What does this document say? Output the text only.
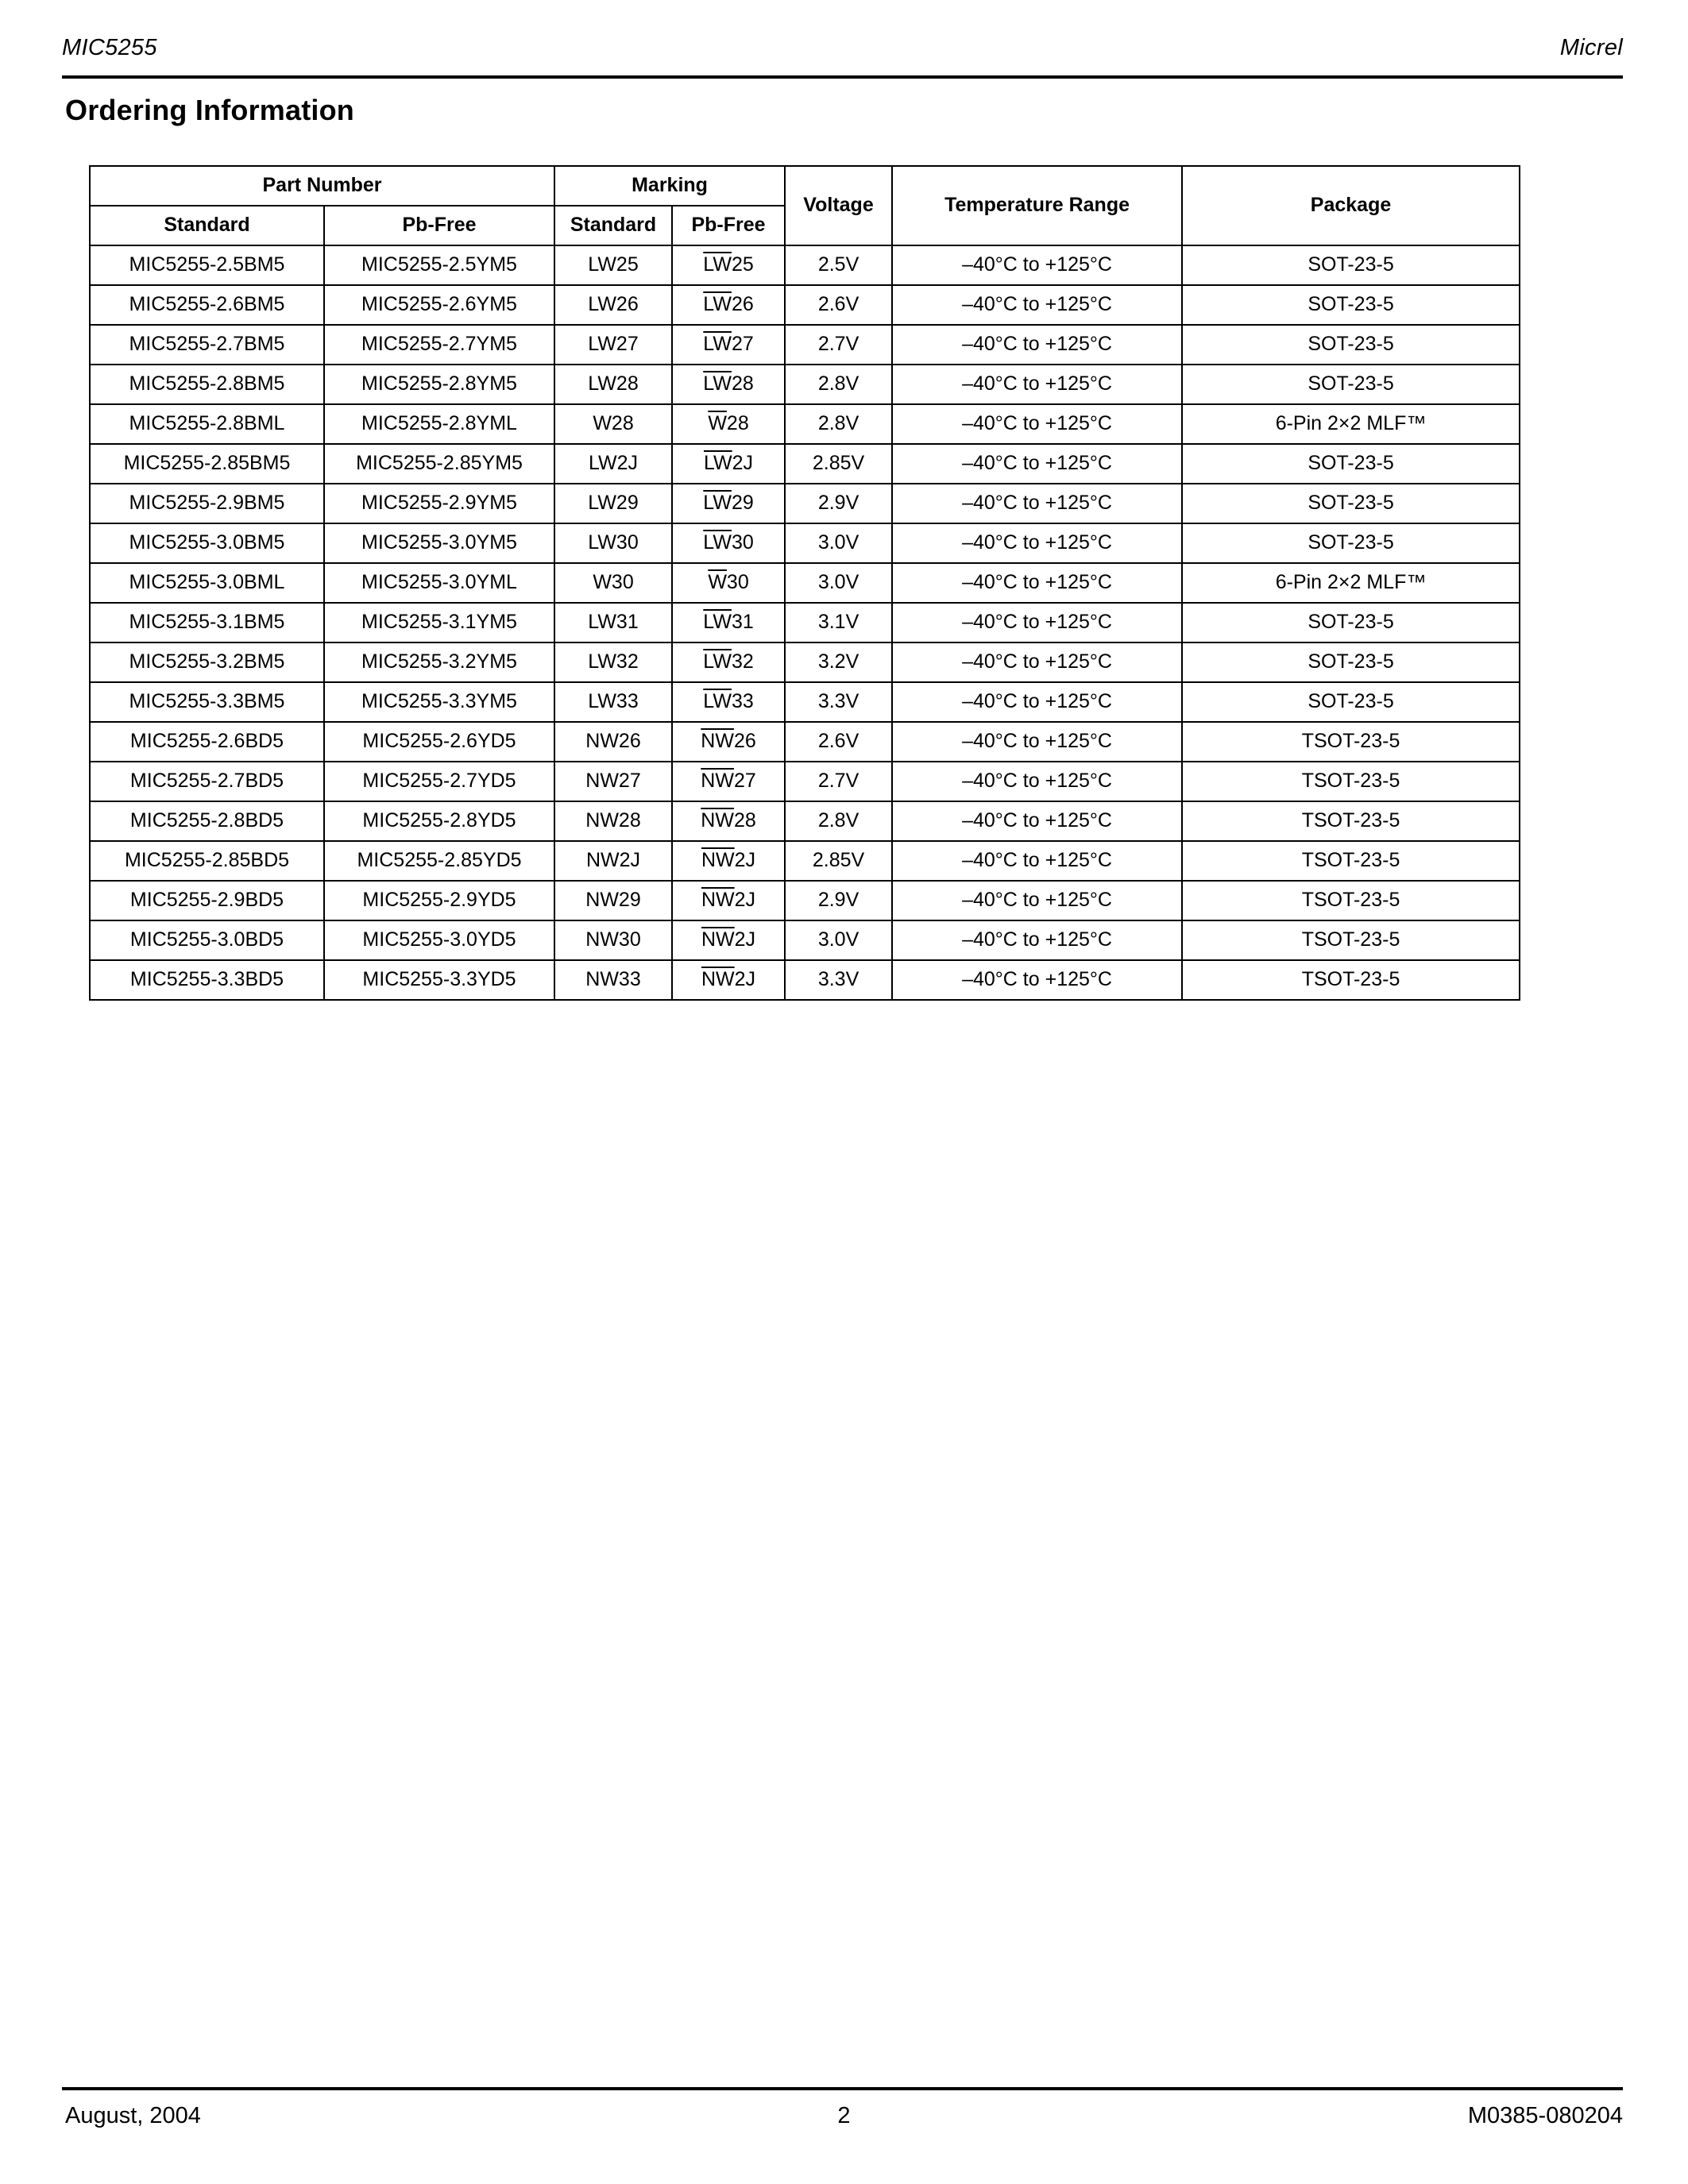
MIC5255	Micrel
Ordering Information
Part Number		Marking		Voltage	Temperature Range	Package
Standard	Pb-Free	Standard	Pb-Free			
MIC5255-2.5BM5	MIC5255-2.5YM5	LW25	$\overline{LW}25$	2.5V	–40°C to +125°C	SOT-23-5
MIC5255-2.6BM5	MIC5255-2.6YM5	LW26	$\overline{LW}26$	2.6V	–40°C to +125°C	SOT-23-5
MIC5255-2.7BM5	MIC5255-2.7YM5	LW27	$\overline{LW}27$	2.7V	–40°C to +125°C	SOT-23-5
MIC5255-2.8BM5	MIC5255-2.8YM5	LW28	$\overline{LW}28$	2.8V	–40°C to +125°C	SOT-23-5
MIC5255-2.8BML	MIC5255-2.8YML	W28	$\overline{W}28$	2.8V	–40°C to +125°C	6-Pin 2×2 MLF™
MIC5255-2.85BM5	MIC5255-2.85YM5	LW2J	$\overline{LW}2J$	2.85V	–40°C to +125°C	SOT-23-5
MIC5255-2.9BM5	MIC5255-2.9YM5	LW29	$\overline{LW}29$	2.9V	–40°C to +125°C	SOT-23-5
MIC5255-3.0BM5	MIC5255-3.0YM5	LW30	$\overline{LW}30$	3.0V	–40°C to +125°C	SOT-23-5
MIC5255-3.0BML	MIC5255-3.0YML	W30	$\overline{W}30$	3.0V	–40°C to +125°C	6-Pin 2×2 MLF™
MIC5255-3.1BM5	MIC5255-3.1YM5	LW31	$\overline{LW}31$	3.1V	–40°C to +125°C	SOT-23-5
MIC5255-3.2BM5	MIC5255-3.2YM5	LW32	$\overline{LW}32$	3.2V	–40°C to +125°C	SOT-23-5
MIC5255-3.3BM5	MIC5255-3.3YM5	LW33	$\overline{LW}33$	3.3V	–40°C to +125°C	SOT-23-5
MIC5255-2.6BD5	MIC5255-2.6YD5	NW26	$\overline{NW}26$	2.6V	–40°C to +125°C	TSOT-23-5
MIC5255-2.7BD5	MIC5255-2.7YD5	NW27	$\overline{NW}27$	2.7V	–40°C to +125°C	TSOT-23-5
MIC5255-2.8BD5	MIC5255-2.8YD5	NW28	$\overline{NW}28$	2.8V	–40°C to +125°C	TSOT-23-5
MIC5255-2.85BD5	MIC5255-2.85YD5	NW2J	$\overline{NW}2J$	2.85V	–40°C to +125°C	TSOT-23-5
MIC5255-2.9BD5	MIC5255-2.9YD5	NW29	$\overline{NW}2J$	2.9V	–40°C to +125°C	TSOT-23-5
MIC5255-3.0BD5	MIC5255-3.0YD5	NW30	$\overline{NW}2J$	3.0V	–40°C to +125°C	TSOT-23-5
MIC5255-3.3BD5	MIC5255-3.3YD5	NW33	$\overline{NW}2J$	3.3V	–40°C to +125°C	TSOT-23-5
August, 2004	2	M0385-080204
